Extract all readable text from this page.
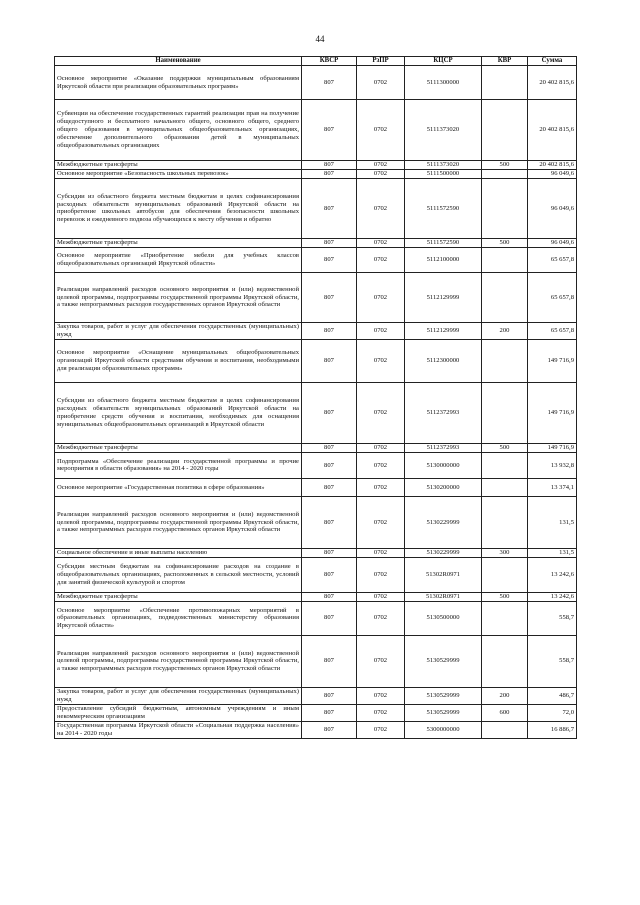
44
Наименование	КВСР	РзПР	КЦСР	КВР	Сумма
Основное мероприятие «Оказание поддержки муниципальным образованиям Иркутской области при реализации образовательных программ»	807	0702	5111300000		20 402 815,6
Субвенции на обеспечение государственных гарантий реализации прав на получение общедоступного и бесплатного начального общего, основного общего, среднего общего образования в муниципальных общеобразовательных организациях, обеспечение дополнительного образования детей в муниципальных общеобразовательных организациях	807	0702	5111373020		20 402 815,6
Межбюджетные трансферты	807	0702	5111373020	500	20 402 815,6
Основное мероприятие «Безопасность школьных перевозок»	807	0702	5111500000		96 049,6
Субсидии из областного бюджета местным бюджетам в целях софинансирования расходных обязательств муниципальных образований Иркутской области на приобретение школьных автобусов для обеспечения безопасности школьных перевозок и ежедневного подвоза обучающихся к месту обучения и обратно	807	0702	5111572590		96 049,6
Межбюджетные трансферты	807	0702	5111572590	500	96 049,6
Основное мероприятие «Приобретение мебели для учебных классов общеобразовательных организаций Иркутской области»	807	0702	5112100000		65 657,8
Реализация направлений расходов основного мероприятия и (или) ведомственной целевой программы, подпрограммы государственной программы Иркутской области, а также непрограммных расходов государственных органов Иркутской области	807	0702	5112129999		65 657,8
Закупка товаров, работ и услуг для обеспечения государственных (муниципальных) нужд	807	0702	5112129999	200	65 657,8
Основное мероприятие «Оснащение муниципальных общеобразовательных организаций Иркутской области средствами обучения и воспитания, необходимыми для реализации образовательных программ»	807	0702	5112300000		149 716,9
Субсидии из областного бюджета местным бюджетам в целях софинансирования расходных обязательств муниципальных образований Иркутской области на приобретение средств обучения и воспитания, необходимых для оснащения муниципальных общеобразовательных организаций в Иркутской области	807	0702	5112372993		149 716,9
Межбюджетные трансферты	807	0702	5112372993	500	149 716,9
Подпрограмма «Обеспечение реализации государственной программы и прочие мероприятия в области образования» на 2014 - 2020 годы	807	0702	5130000000		13 932,8
Основное мероприятие «Государственная политика в сфере образования»	807	0702	5130200000		13 374,1
Реализация направлений расходов основного мероприятия и (или) ведомственной целевой программы, подпрограммы государственной программы Иркутской области, а также непрограммных расходов государственных органов Иркутской области	807	0702	5130229999		131,5
Социальное обеспечение и иные выплаты населению	807	0702	5130229999	300	131,5
Субсидии местным бюджетам на софинансирование расходов на создание в общеобразовательных организациях, расположенных в сельской местности, условий для занятий физической культурой и спортом	807	0702	51302R0971		13 242,6
Межбюджетные трансферты	807	0702	51302R0971	500	13 242,6
Основное мероприятие «Обеспечение противопожарных мероприятий в образовательных организациях, подведомственных министерству образования Иркутской области»	807	0702	5130500000		558,7
Реализация направлений расходов основного мероприятия и (или) ведомственной целевой программы, подпрограммы государственной программы Иркутской области, а также непрограммных расходов государственных органов Иркутской области	807	0702	5130529999		558,7
Закупка товаров, работ и услуг для обеспечения государственных (муниципальных) нужд	807	0702	5130529999	200	486,7
Предоставление субсидий бюджетным, автономным учреждениям и иным некоммерческим организациям	807	0702	5130529999	600	72,0
Государственная программа Иркутской области «Социальная поддержка населения» на 2014 - 2020 годы	807	0702	5300000000		16 886,7
